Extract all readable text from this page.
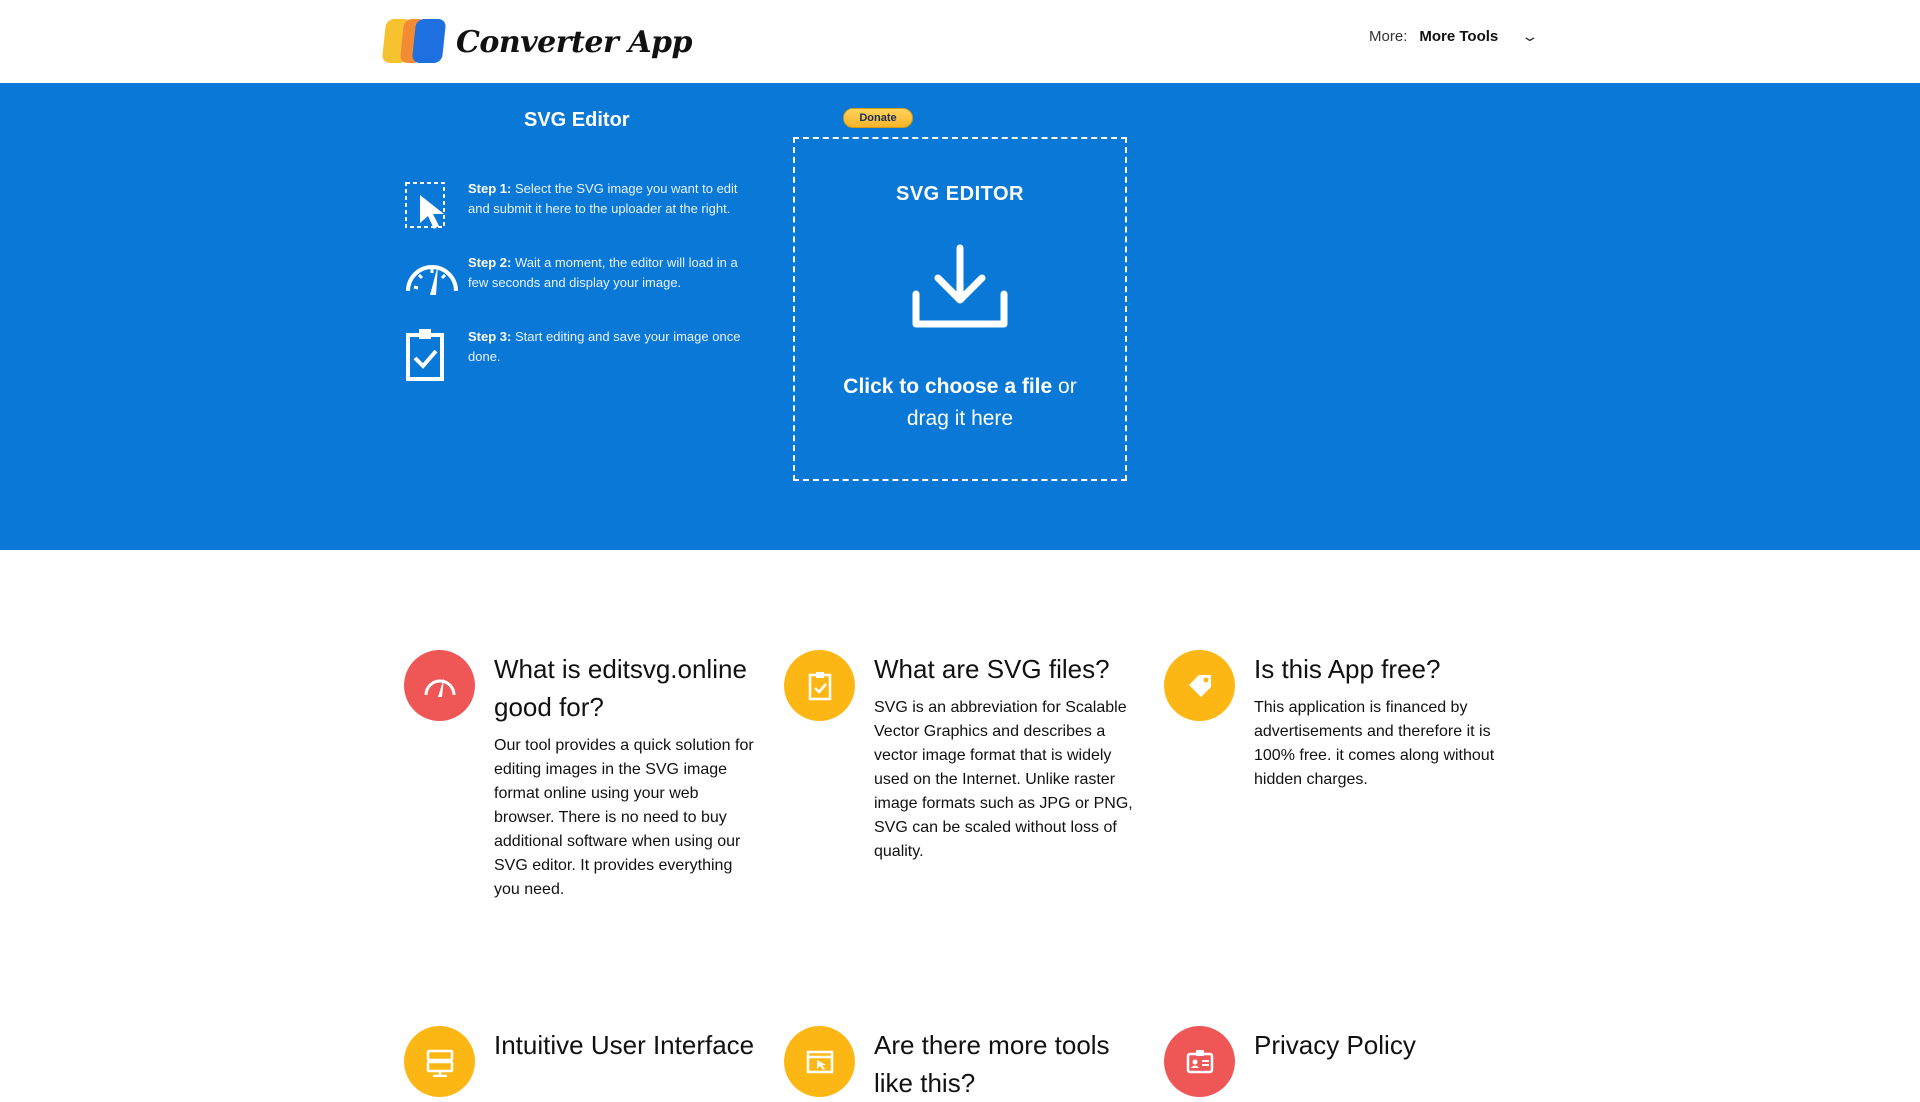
Converter App	More: More Tools ⌄
SVG Editor
Step 1: Select the SVG image you want to edit and submit it here to the uploader at the right.
Step 2: Wait a moment, the editor will load in a few seconds and display your image.
Step 3: Start editing and save your image once done.
Donate
SVG EDITOR
Click to choose a file or
drag it here
What is editsvg.online good for?
Our tool provides a quick solution for editing images in the SVG image format online using your web browser. There is no need to buy additional software when using our SVG editor. It provides everything you need.
What are SVG files?
SVG is an abbreviation for Scalable Vector Graphics and describes a vector image format that is widely used on the Internet. Unlike raster image formats such as JPG or PNG, SVG can be scaled without loss of quality.
Is this App free?
This application is financed by advertisements and therefore it is 100% free. it comes along without hidden charges.
Intuitive User Interface	Are there more tools like this?
Privacy Policy
